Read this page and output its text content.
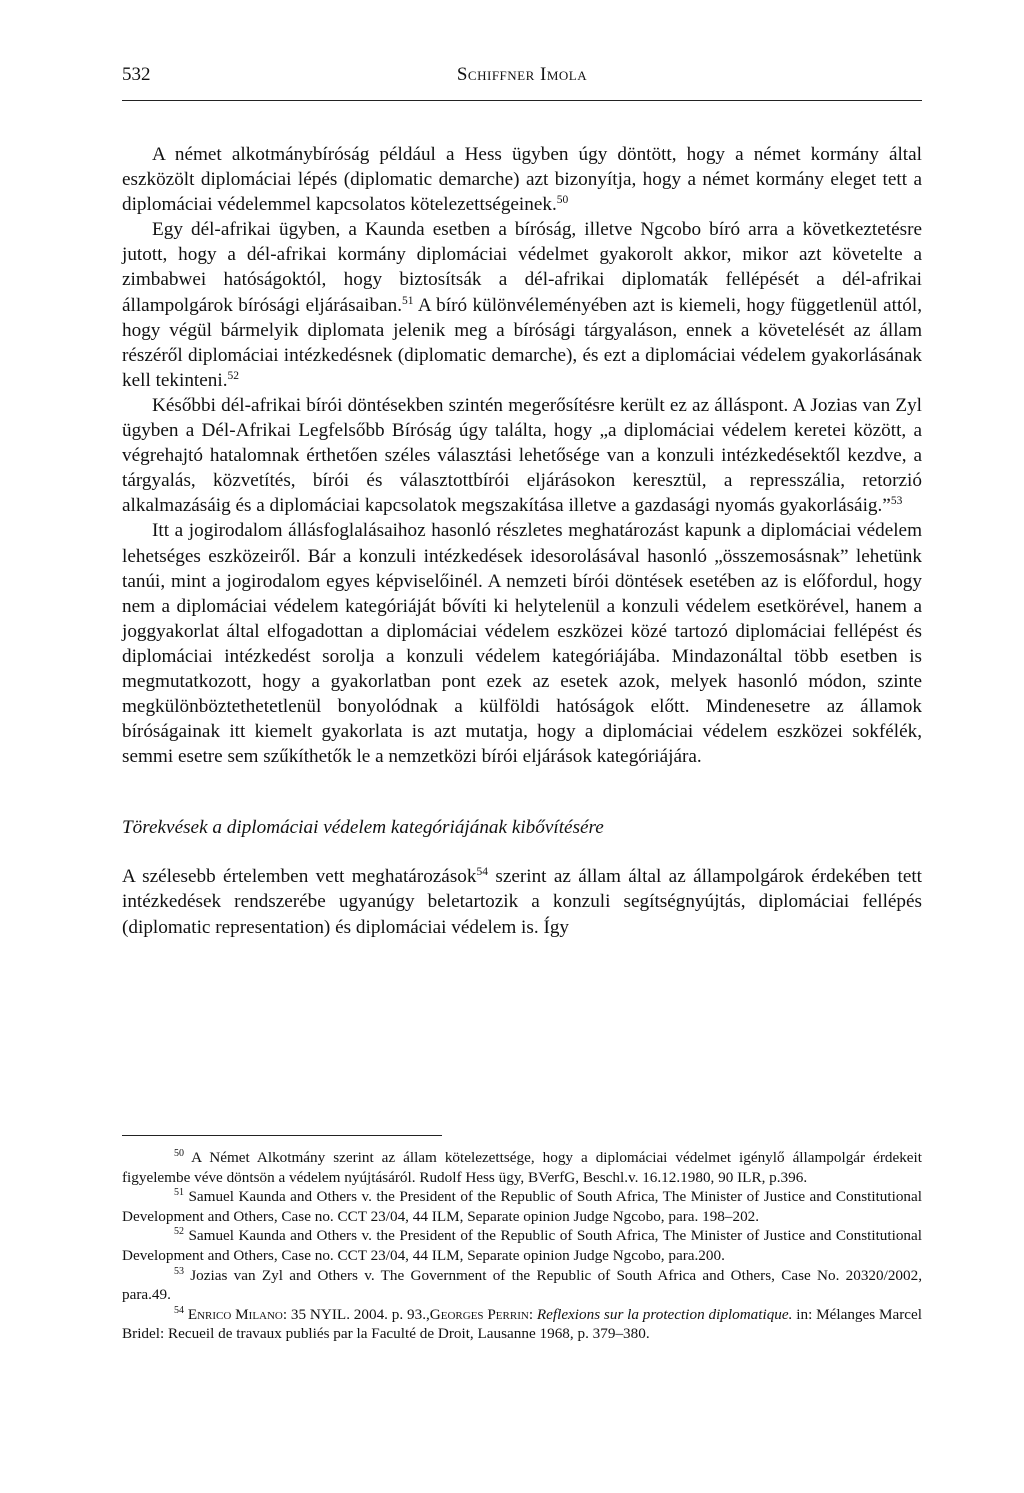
532	Schiffner Imola

A német alkotmánybíróság például a Hess ügyben úgy döntött, hogy a német kormány által eszközölt diplomáciai lépés (diplomatic demarche) azt bizonyítja, hogy a német kormány eleget tett a diplomáciai védelemmel kapcsolatos kötelezettségeinek.$^{50}$

Egy dél-afrikai ügyben, a Kaunda esetben a bíróság, illetve Ngcobo bíró arra a következtetésre jutott, hogy a dél-afrikai kormány diplomáciai védelmet gyakorolt akkor, mikor azt követelte a zimbabwei hatóságoktól, hogy biztosítsák a dél-afrikai diplomaták fellépését a dél-afrikai állampolgárok bírósági eljárásaiban.$^{51}$ A bíró különvéleményében azt is kiemeli, hogy függetlenül attól, hogy végül bármelyik diplomata jelenik meg a bírósági tárgyaláson, ennek a követelését az állam részéről diplomáciai intézkedésnek (diplomatic demarche), és ezt a diplomáciai védelem gyakorlásának kell tekinteni.$^{52}$

Későbbi dél-afrikai bírói döntésekben szintén megerősítésre került ez az álláspont. A Jozias van Zyl ügyben a Dél-Afrikai Legfelsőbb Bíróság úgy találta, hogy „a diplomáciai védelem keretei között, a végrehajtó hatalomnak érthetően széles választási lehetősége van a konzuli intézkedésektől kezdve, a tárgyalás, közvetítés, bírói és választottbírói eljárásokon keresztül, a represszália, retorzió alkalmazásáig és a diplomáciai kapcsolatok megszakítása illetve a gazdasági nyomás gyakorlásáig.”$^{53}$

Itt a jogirodalom állásfoglalásaihoz hasonló részletes meghatározást kapunk a diplomáciai védelem lehetséges eszközeiről. Bár a konzuli intézkedések idesorolásával hasonló „összemosásnak” lehetünk tanúi, mint a jogirodalom egyes képviselőinél. A nemzeti bírói döntések esetében az is előfordul, hogy nem a diplomáciai védelem kategóriáját bővíti ki helytelenül a konzuli védelem esetkörével, hanem a joggyakorlat által elfogadottan a diplomáciai védelem eszközei közé tartozó diplomáciai fellépést és diplomáciai intézkedést sorolja a konzuli védelem kategóriájába. Mindazonáltal több esetben is megmutatkozott, hogy a gyakorlatban pont ezek az esetek azok, melyek hasonló módon, szinte megkülönböztethetetlenül bonyolódnak a külföldi hatóságok előtt. Mindenesetre az államok bíróságainak itt kiemelt gyakorlata is azt mutatja, hogy a diplomáciai védelem eszközei sokfélék, semmi esetre sem szűkíthetők le a nemzetközi bírói eljárások kategóriájára.

Törekvések a diplomáciai védelem kategóriájának kibővítésére

A szélesebb értelemben vett meghatározások$^{54}$ szerint az állam által az állampolgárok érdekében tett intézkedések rendszerébe ugyanúgy beletartozik a konzuli segítségnyújtás, diplomáciai fellépés (diplomatic representation) és diplomáciai védelem is. Így

$^{50}$ A Német Alkotmány szerint az állam kötelezettsége, hogy a diplomáciai védelmet igénylő állampolgár érdekeit figyelembe véve döntsön a védelem nyújtásáról. Rudolf Hess ügy, BVerfG, Beschl.v. 16.12.1980, 90 ILR, p.396.

$^{51}$ Samuel Kaunda and Others v. the President of the Republic of South Africa, The Minister of Justice and Constitutional Development and Others, Case no. CCT 23/04, 44 ILM, Separate opinion Judge Ngcobo, para. 198–202.

$^{52}$ Samuel Kaunda and Others v. the President of the Republic of South Africa, The Minister of Justice and Constitutional Development and Others, Case no. CCT 23/04, 44 ILM, Separate opinion Judge Ngcobo, para.200.

$^{53}$ Jozias van Zyl and Others v. The Government of the Republic of South Africa and Others, Case No. 20320/2002, para.49.

$^{54}$ Enrico Milano: 35 NYIL. 2004. p. 93.,Georges Perrin: Reflexions sur la protection diplomatique. in: Mélanges Marcel Bridel: Recueil de travaux publiés par la Faculté de Droit, Lausanne 1968, p. 379–380.
